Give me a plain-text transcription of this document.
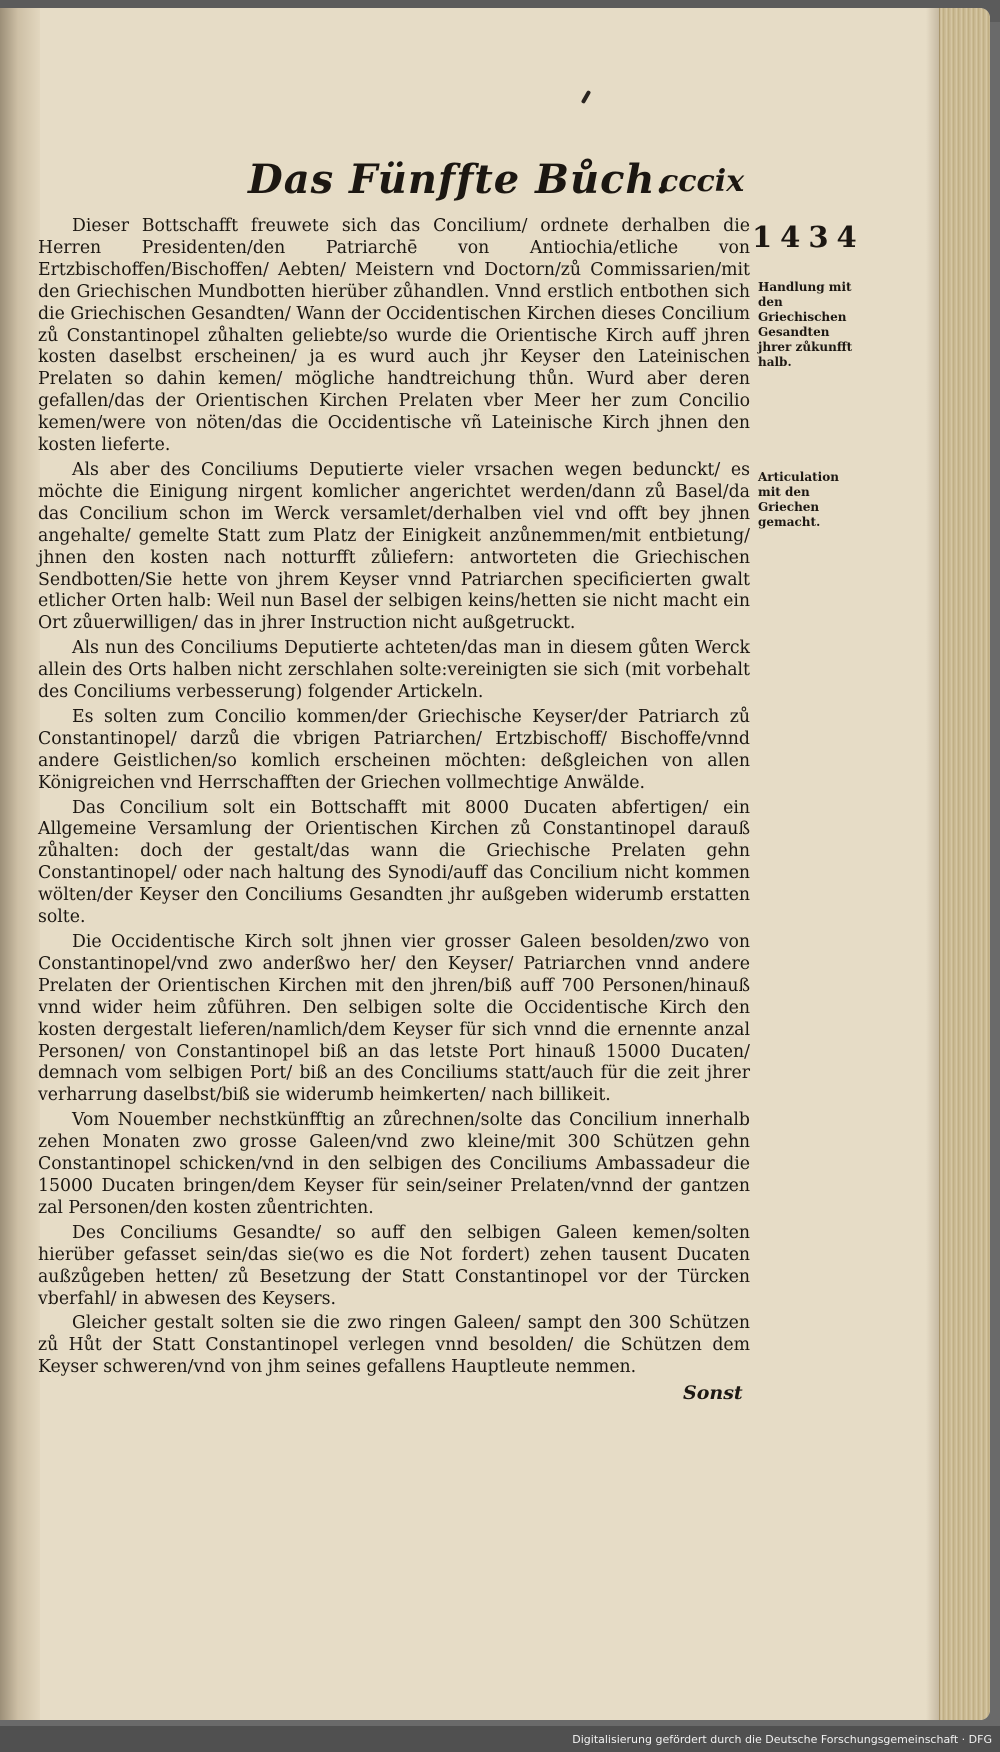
Das Fünffte Bůch.
cccix
1434
Handlung mit den Griechischen Gesandten jhrer zůkunfft halb.
Articulation mit den Griechen gemacht.

Dieser Bottschafft freuwete sich das Concilium/ ordnete derhalben die Herren Presidenten/den Patriarchē von Antiochia/etliche von Ertzbischoffen/Bischoffen/ Aebten/ Meistern vnd Doctorn/zů Commissarien/mit den Griechischen Mundbotten hierüber zůhandlen. Vnnd erstlich entbothen sich die Griechischen Gesandten/ Wann der Occidentischen Kirchen dieses Concilium zů Constantinopel zůhalten geliebte/so wurde die Orientische Kirch auff jhren kosten daselbst erscheinen/ ja es wurd auch jhr Keyser den Lateinischen Prelaten so dahin kemen/ mögliche handtreichung thůn. Wurd aber deren gefallen/das der Orientischen Kirchen Prelaten vber Meer her zum Concilio kemen/were von nöten/das die Occidentische vñ Lateinische Kirch jhnen den kosten lieferte.

Als aber des Conciliums Deputierte vieler vrsachen wegen bedunckt/ es möchte die Einigung nirgent komlicher angerichtet werden/dann zů Basel/da das Concilium schon im Werck versamlet/derhalben viel vnd offt bey jhnen angehalte/ gemelte Statt zum Platz der Einigkeit anzůnemmen/mit entbietung/ jhnen den kosten nach notturfft zůliefern: antworteten die Griechischen Sendbotten/Sie hette von jhrem Keyser vnnd Patriarchen specificierten gwalt etlicher Orten halb: Weil nun Basel der selbigen keins/hetten sie nicht macht ein Ort zůuerwilligen/ das in jhrer Instruction nicht außgetruckt.

Als nun des Conciliums Deputierte achteten/das man in diesem gůten Werck allein des Orts halben nicht zerschlahen solte:vereinigten sie sich (mit vorbehalt des Conciliums verbesserung) folgender Artickeln.

Es solten zum Concilio kommen/der Griechische Keyser/der Patriarch zů Constantinopel/ darzů die vbrigen Patriarchen/ Ertzbischoff/ Bischoffe/vnnd andere Geistlichen/so komlich erscheinen möchten: deßgleichen von allen Königreichen vnd Herrschafften der Griechen vollmechtige Anwälde.

Das Concilium solt ein Bottschafft mit 8000 Ducaten abfertigen/ ein Allgemeine Versamlung der Orientischen Kirchen zů Constantinopel darauß zůhalten: doch der gestalt/das wann die Griechische Prelaten gehn Constantinopel/ oder nach haltung des Synodi/auff das Concilium nicht kommen wölten/der Keyser den Conciliums Gesandten jhr außgeben widerumb erstatten solte.

Die Occidentische Kirch solt jhnen vier grosser Galeen besolden/zwo von Constantinopel/vnd zwo anderßwo her/ den Keyser/ Patriarchen vnnd andere Prelaten der Orientischen Kirchen mit den jhren/biß auff 700 Personen/hinauß vnnd wider heim zůführen. Den selbigen solte die Occidentische Kirch den kosten dergestalt lieferen/namlich/dem Keyser für sich vnnd die ernennte anzal Personen/ von Constantinopel biß an das letste Port hinauß 15000 Ducaten/ demnach vom selbigen Port/ biß an des Conciliums statt/auch für die zeit jhrer verharrung daselbst/biß sie widerumb heimkerten/ nach billikeit.

Vom Nouember nechstkünfftig an zůrechnen/solte das Concilium innerhalb zehen Monaten zwo grosse Galeen/vnd zwo kleine/mit 300 Schützen gehn Constantinopel schicken/vnd in den selbigen des Conciliums Ambassadeur die 15000 Ducaten bringen/dem Keyser für sein/seiner Prelaten/vnnd der gantzen zal Personen/den kosten zůentrichten.

Des Conciliums Gesandte/ so auff den selbigen Galeen kemen/solten hierüber gefasset sein/das sie(wo es die Not fordert) zehen tausent Ducaten außzůgeben hetten/ zů Besetzung der Statt Constantinopel vor der Türcken vberfahl/ in abwesen des Keysers.

Gleicher gestalt solten sie die zwo ringen Galeen/ sampt den 300 Schützen zů Hůt der Statt Constantinopel verlegen vnnd besolden/ die Schützen dem Keyser schweren/vnd von jhm seines gefallens Hauptleute nemmen.

Sonst
Digitalisierung gefördert durch die Deutsche Forschungsgemeinschaft · DFG
